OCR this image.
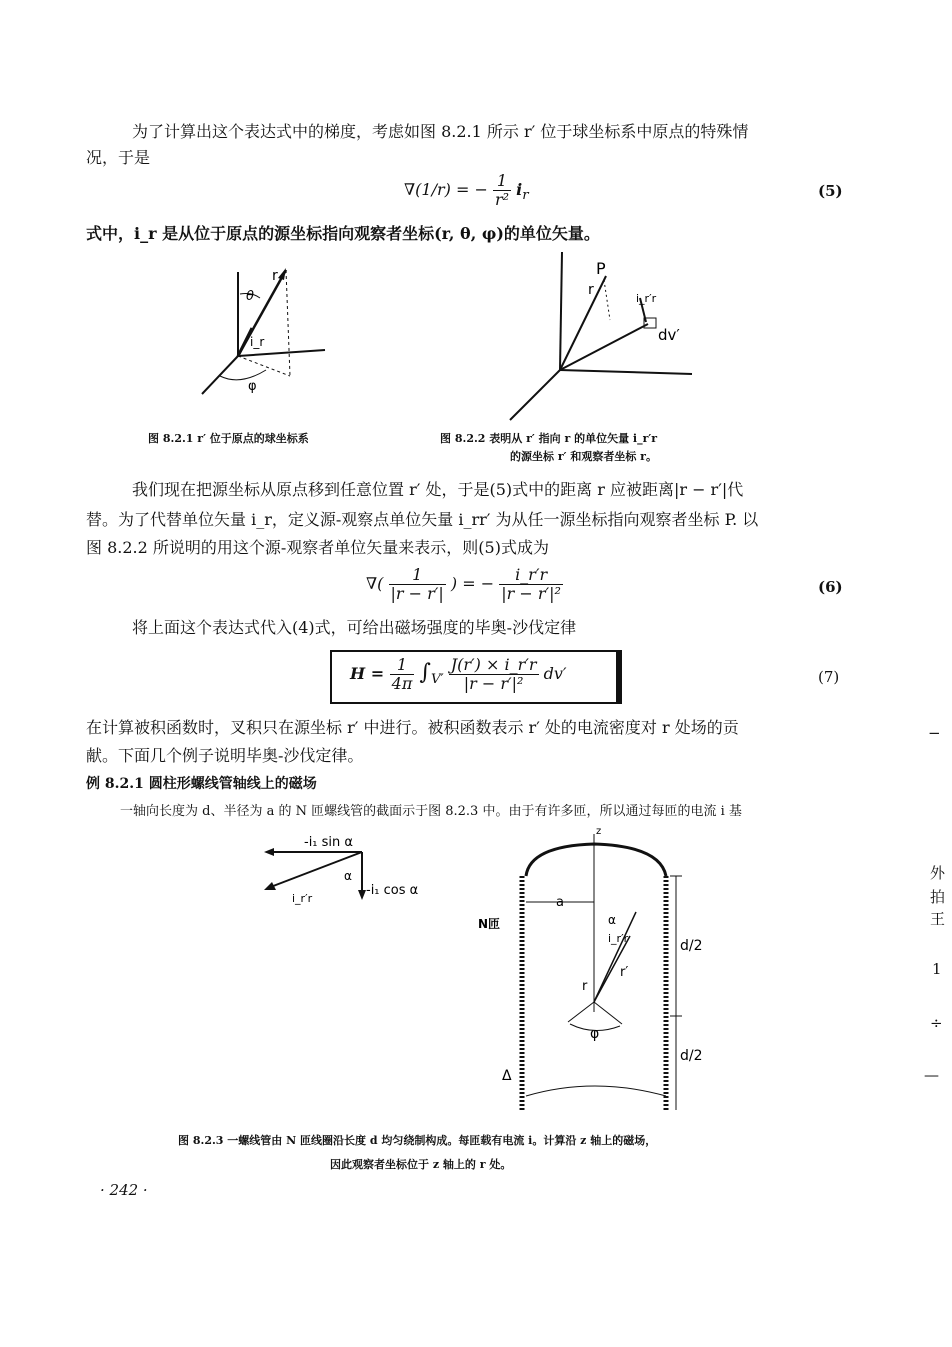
为了计算出这个表达式中的梯度，考虑如图 8.2.1 所示 r′ 位于球坐标系中原点的特殊情
况，于是
∇(1/r) = − $\frac{1}{\text{r²}} i_r$	(5)
式中，i_r 是从位于原点的源坐标指向观察者坐标(r, θ, φ)的单位矢量。
r
θ
i_r
φ
图 8.2.1 r′ 位于原点的球坐标系
P
r
i_r′r
dv′
图 8.2.2 表明从 r′ 指向 r 的单位矢量 i_r′r
的源坐标 r′ 和观察者坐标 r。
我们现在把源坐标从原点移到任意位置 r′ 处，于是(5)式中的距离 r 应被距离|r − r′|代
替。为了代替单位矢量 i_r，定义源-观察点单位矢量 i_rr′ 为从任一源坐标指向观察者坐标 P. 以
图 8.2.2 所说明的用这个源-观察者单位矢量来表示，则(5)式成为
∇( $\frac{1}{|r - r'|}$ ) = − $\frac{i\_r'r}{\text{|r − r′|²}}$	(6)
将上面这个表达式代入(4)式，可给出磁场强度的毕奥-沙伐定律
$H = \frac{1}{4\pi} \int_{V'} \frac{J(r') \times i\_r'r}{\text{|r − r′|²}} dv'$	(7)
在计算被积函数时，叉积只在源坐标 r′ 中进行。被积函数表示 r′ 处的电流密度对 r 处场的贡
献。下面几个例子说明毕奥-沙伐定律。
例 8.2.1 圆柱形螺线管轴线上的磁场
一轴向长度为 d、半径为 a 的 N 匝螺线管的截面示于图 8.2.3 中。由于有许多匝，所以通过每匝的电流 i 基
-i₁ sin α
-i₁ cos α
α
i_r′r
z
a
N匝	α
i_r′r
r
r′
d/2
d/2
φ
Δ
图 8.2.3 一螺线管由 N 匝线圈沿长度 d 均匀绕制构成。每匝载有电流 i。计算沿 z 轴上的磁场，
因此观察者坐标位于 z 轴上的 r 处。
· 242 ·
−
外
拍
王
1
÷
—
